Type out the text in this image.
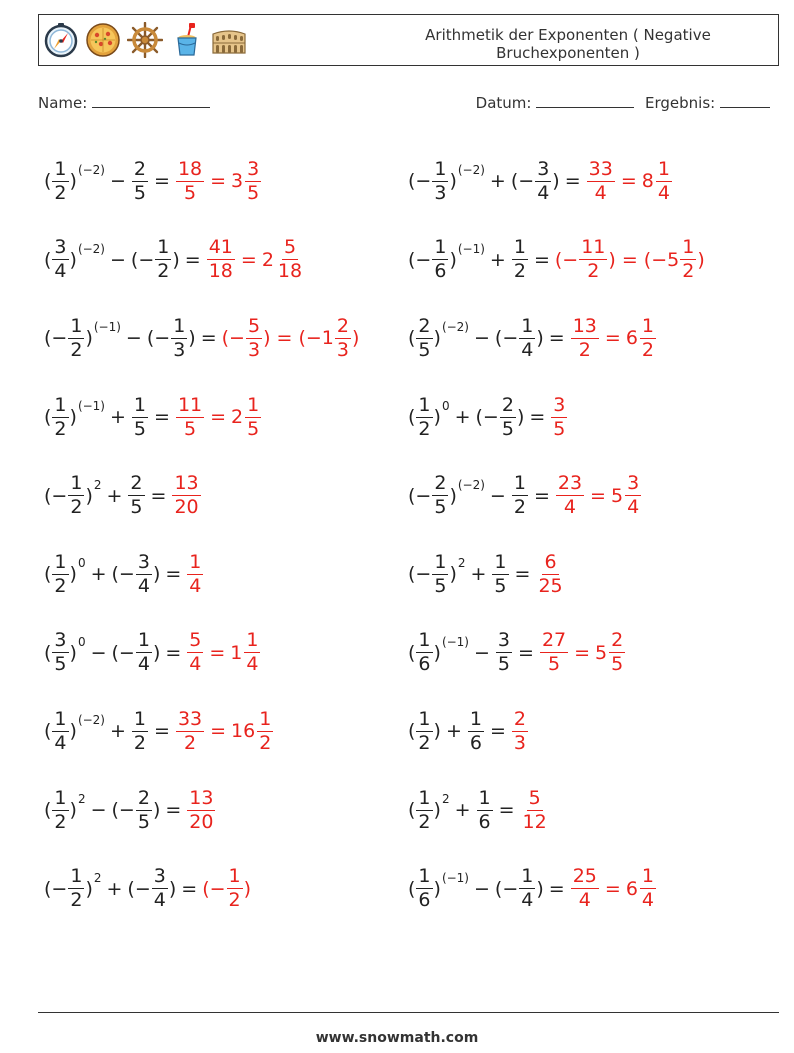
Arithmetik der Exponenten ( Negative Bruchexponenten )
Name:	Datum:	Ergebnis:
( $\frac{1}{2}$ ) $(-2) - \frac{2}{5} = \frac{18}{5} = 3 \frac{3}{5}$
( $\frac{3}{4}$ ) (−2) − (− $\frac{1}{2}$ ) = $\frac{41}{18} = 2 \frac{5}{18}$
(− $\frac{1}{2}$ ) (−1) − (− $\frac{1}{3}$ ) = (− $\frac{5}{3}$ ) = ($-1 \frac{2}{3}$ )
( $\frac{1}{2}$ ) $(-1) + \frac{1}{5} = \frac{11}{5} = 2 \frac{1}{5}$
(− $\frac{1}{2}$ ) $2 + \frac{2}{5} = \frac{13}{20}$
( $\frac{1}{2}$ ) 0 + (− $\frac{3}{4}$ ) = $\frac{1}{4}$
( $\frac{3}{5}$ ) 0 − (− $\frac{1}{4}$ ) = $\frac{5}{4} = 1 \frac{1}{4}$
( $\frac{1}{4}$ ) $(-2) + \frac{1}{2} = \frac{33}{2} = 16 \frac{1}{2}$
( $\frac{1}{2}$ ) 2 − (− $\frac{2}{5}$ ) = $\frac{13}{20}$
(− $\frac{1}{2}$ ) 2 + (− $\frac{3}{4}$ ) = (− $\frac{1}{2}$ )
(− $\frac{1}{3}$ ) (−2) + (− $\frac{3}{4}$ ) = $\frac{33}{4} = 8 \frac{1}{4}$
(− $\frac{1}{6}$ ) $(-1) + \frac{1}{2}$ = (− $\frac{11}{2}$ ) = ($-5 \frac{1}{2}$ )
( $\frac{2}{5}$ ) (−2) − (− $\frac{1}{4}$ ) = $\frac{13}{2} = 6 \frac{1}{2}$
( $\frac{1}{2}$ ) 0 + (− $\frac{2}{5}$ ) = $\frac{3}{5}$
(− $\frac{2}{5}$ ) $(-2) - \frac{1}{2} = \frac{23}{4} = 5 \frac{3}{4}$
(− $\frac{1}{5}$ ) $2 + \frac{1}{5} = \frac{6}{25}$
( $\frac{1}{6}$ ) $(-1) - \frac{3}{5} = \frac{27}{5} = 5 \frac{2}{5}$
( $\frac{1}{2}$ ) + $\frac{1}{6} = \frac{2}{3}$
( $\frac{1}{2}$ ) $2 + \frac{1}{6} = \frac{5}{12}$
( $\frac{1}{6}$ ) (−1) − (− $\frac{1}{4}$ ) = $\frac{25}{4} = 6 \frac{1}{4}$
www.snowmath.com
